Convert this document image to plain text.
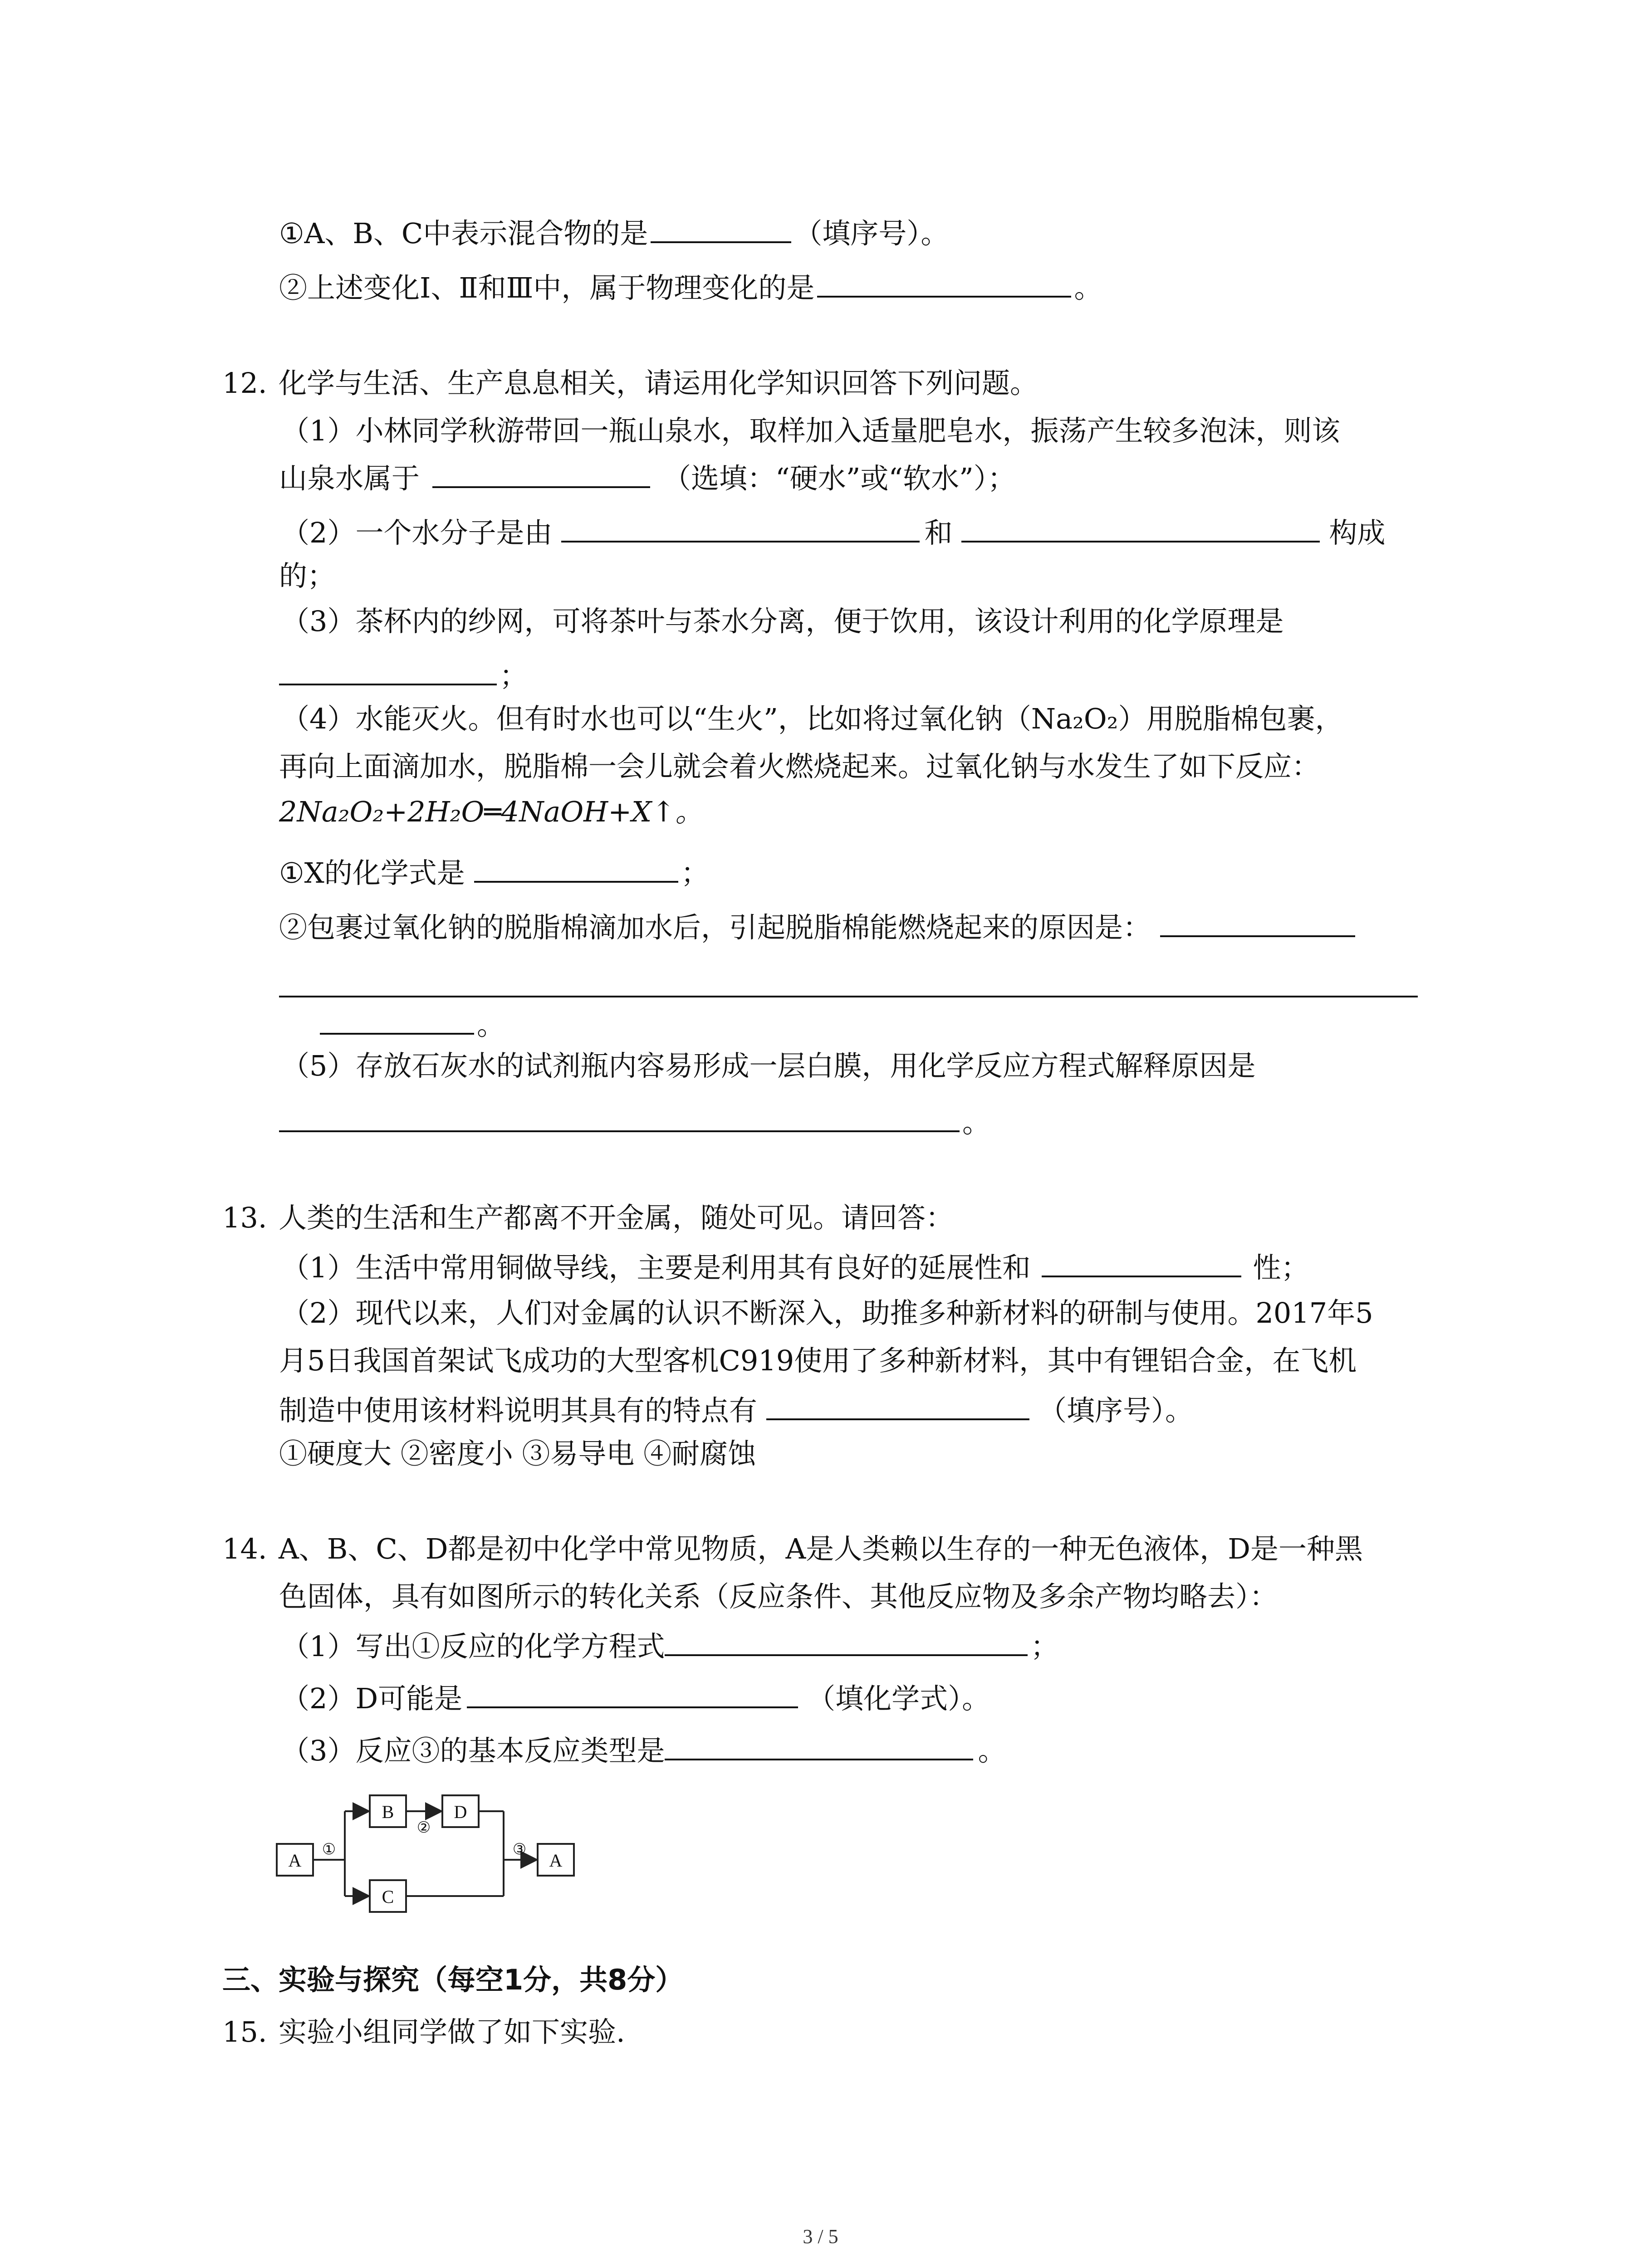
①A、B、C中表示混合物的是	（填序号）。
②上述变化Ⅰ、Ⅱ和Ⅲ中，属于物理变化的是	。
12. 化学与生活、生产息息相关，请运用化学知识回答下列问题。
（1）小林同学秋游带回一瓶山泉水，取样加入适量肥皂水，振荡产生较多泡沫，则该
山泉水属于	（选填：“硬水”或“软水”）；
（2）一个水分子是由	和	构成
的；
（3）茶杯内的纱网，可将茶叶与茶水分离，便于饮用，该设计利用的化学原理是
；
（4）水能灭火。但有时水也可以“生火”，比如将过氧化钠（Na₂O₂）用脱脂棉包裹，
再向上面滴加水，脱脂棉一会儿就会着火燃烧起来。过氧化钠与水发生了如下反应：
2Na₂O₂+2H₂O═4NaOH+X↑。
①X的化学式是	；
②包裹过氧化钠的脱脂棉滴加水后，引起脱脂棉能燃烧起来的原因是：
。
（5）存放石灰水的试剂瓶内容易形成一层白膜，用化学反应方程式解释原因是
。
13. 人类的生活和生产都离不开金属，随处可见。请回答：
（1）生活中常用铜做导线，主要是利用其有良好的延展性和	性；
（2）现代以来，人们对金属的认识不断深入，助推多种新材料的研制与使用。2017年5
月5日我国首架试飞成功的大型客机C919使用了多种新材料，其中有锂铝合金，在飞机
制造中使用该材料说明其具有的特点有	（填序号）。
①硬度大 ②密度小 ③易导电 ④耐腐蚀
14. A、B、C、D都是初中化学中常见物质，A是人类赖以生存的一种无色液体，D是一种黑
色固体，具有如图所示的转化关系（反应条件、其他反应物及多余产物均略去）：
（1）写出①反应的化学方程式	；
（2）D可能是	（填化学式）。
（3）反应③的基本反应类型是	。
A
B	D
C
A
①
②
③
三、实验与探究（每空1分，共8分）
15. 实验小组同学做了如下实验.
3 / 5
